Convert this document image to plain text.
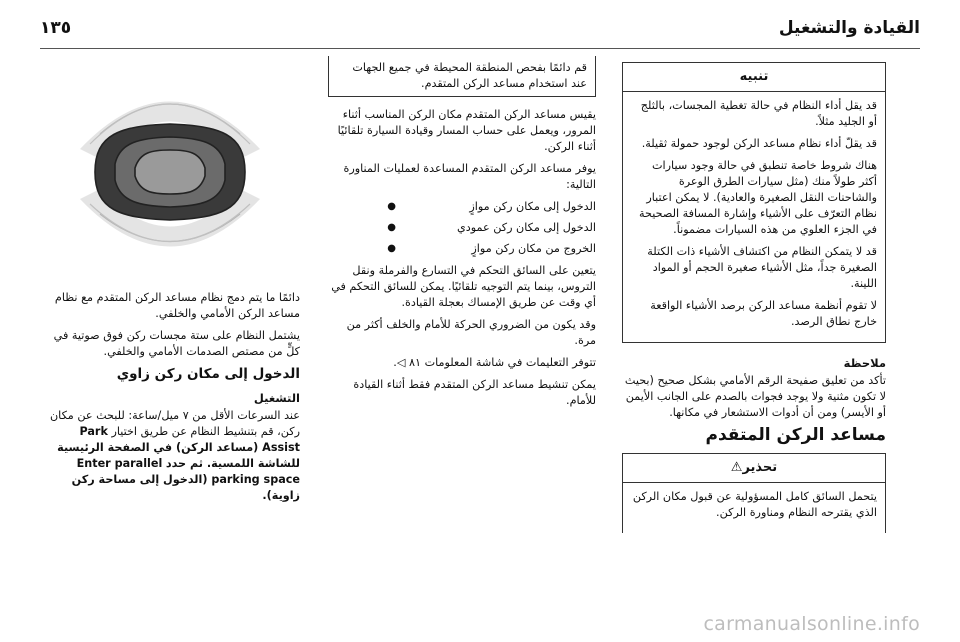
القيادة والتشغيل
١٣٥
تنبيه

قد يقل أداء النظام في حالة تغطية المجسات، بالثلج أو الجليد مثلاً.

قد يقلّ أداء نظام مساعد الركن لوجود حمولة ثقيلة.

هناك شروط خاصة تنطبق في حالة وجود سيارات أكثر طولاً منك (مثل سيارات الطرق الوعرة والشاحنات النقل الصغيرة والعادية). لا يمكن اعتبار نظام التعرّف على الأشياء وإشارة المسافة الصحيحة في الجزء العلوي من هذه السيارات مضموناً.

قد لا يتمكن النظام من اكتشاف الأشياء ذات الكتلة الصغيرة جداً، مثل الأشياء صغيرة الحجم أو المواد اللينة.

لا تقوم أنظمة مساعد الركن برصد الأشياء الواقعة خارج نطاق الرصد.

ملاحظة

تأكد من تعليق صفيحة الرقم الأمامي بشكل صحيح (بحيث لا تكون مثنية ولا يوجد فجوات بالصدم على الجانب الأيمن أو الأيسر) ومن أن أدوات الاستشعار في مكانها.

مساعد الركن المتقدم
تحذير⚠

يتحمل السائق كامل المسؤولية عن قبول مكان الركن الذي يقترحه النظام ومناورة الركن.

قم دائمًا بفحص المنطقة المحيطة في جميع الجهات عند استخدام مساعد الركن المتقدم.

يقيس مساعد الركن المتقدم مكان الركن المناسب أثناء المرور، ويعمل على حساب المسار وقيادة السيارة تلقائيًا أثناء الركن.

يوفر مساعد الركن المتقدم المساعدة لعمليات المناورة التالية:

الدخول إلى مكان ركن موازٍ ●
الدخول إلى مكان ركن عمودي ●
الخروج من مكان ركن موازٍ ●

يتعين على السائق التحكم في التسارع والفرملة ونقل التروس، بينما يتم التوجيه تلقائيًا. يمكن للسائق التحكم في أي وقت عن طريق الإمساك بعجلة القيادة.

وقد يكون من الضروري الحركة للأمام والخلف أكثر من مرة.

تتوفر التعليمات في شاشة المعلومات ٨١ ◁.

يمكن تنشيط مساعد الركن المتقدم فقط أثناء القيادة للأمام.

دائمًا ما يتم دمج نظام مساعد الركن المتقدم مع نظام مساعد الركن الأمامي والخلفي.

يشتمل النظام على ستة مجسات ركن فوق صوتية في كلٍّ من مصتص الصدمات الأمامي والخلفي.

الدخول إلى مكان ركن زاوي
التشغيل

عند السرعات الأقل من ٧ ميل/ساعة: للبحث عن مكان ركن، قم بتنشيط النظام عن طريق اختيار Park Assist (مساعد الركن) في الصفحة الرئيسية للشاشة اللمسية. ثم حدد Enter parallel parking space (الدخول إلى مساحة ركن زاوية).

carmanualsonline.info
